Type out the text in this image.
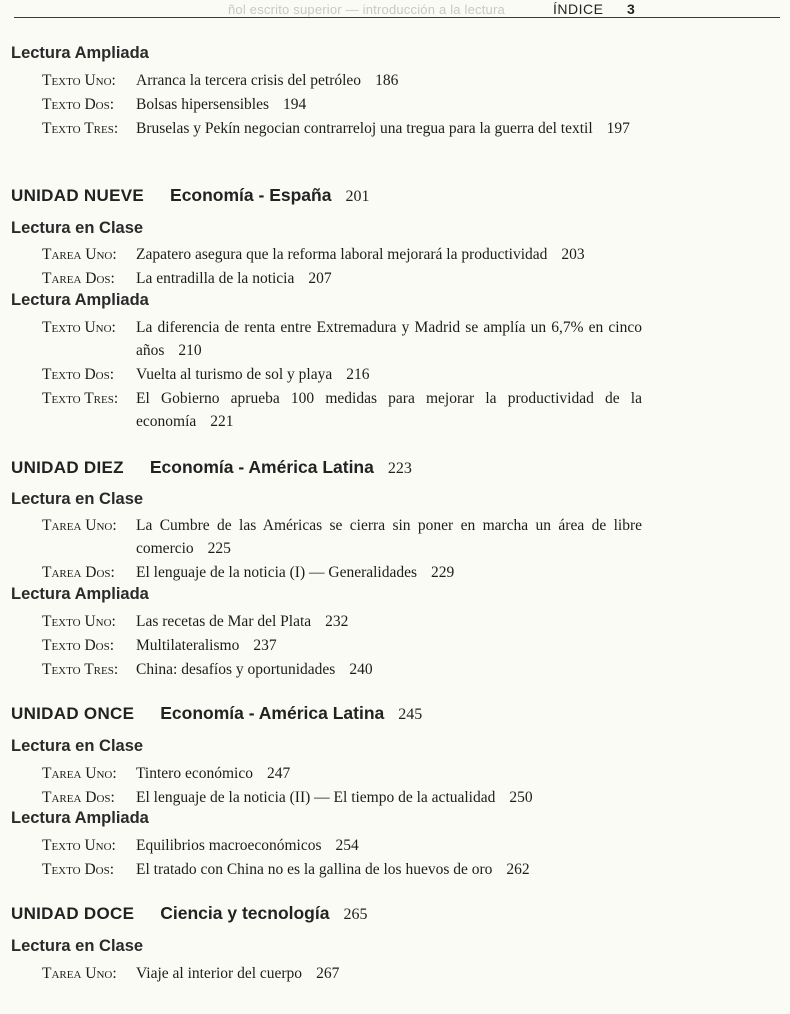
ñol escrito superior — introducción a la lectura	ÍNDICE 3
Lectura Ampliada
Texto Uno: Arranca la tercera crisis del petróleo 186
Texto Dos: Bolsas hipersensibles 194
Texto Tres: Bruselas y Pekín negocian contrarreloj una tregua para la guerra del textil 197
UNIDAD NUEVE Economía - España 201
Lectura en Clase
Tarea Uno: Zapatero asegura que la reforma laboral mejorará la productividad 203
Tarea Dos: La entradilla de la noticia 207
Lectura Ampliada
Texto Uno: La diferencia de renta entre Extremadura y Madrid se amplía un 6,7% en cinco años 210
Texto Dos: Vuelta al turismo de sol y playa 216
Texto Tres: El Gobierno aprueba 100 medidas para mejorar la productividad de la economía 221
UNIDAD DIEZ Economía - América Latina 223
Lectura en Clase
Tarea Uno: La Cumbre de las Américas se cierra sin poner en marcha un área de libre comercio 225
Tarea Dos: El lenguaje de la noticia (I) — Generalidades 229
Lectura Ampliada
Texto Uno: Las recetas de Mar del Plata 232
Texto Dos: Multilateralismo 237
Texto Tres: China: desafíos y oportunidades 240
UNIDAD ONCE Economía - América Latina 245
Lectura en Clase
Tarea Uno: Tintero económico 247
Tarea Dos: El lenguaje de la noticia (II) — El tiempo de la actualidad 250
Lectura Ampliada
Texto Uno: Equilibrios macroeconómicos 254
Texto Dos: El tratado con China no es la gallina de los huevos de oro 262
UNIDAD DOCE Ciencia y tecnología 265
Lectura en Clase
Tarea Uno: Viaje al interior del cuerpo 267
